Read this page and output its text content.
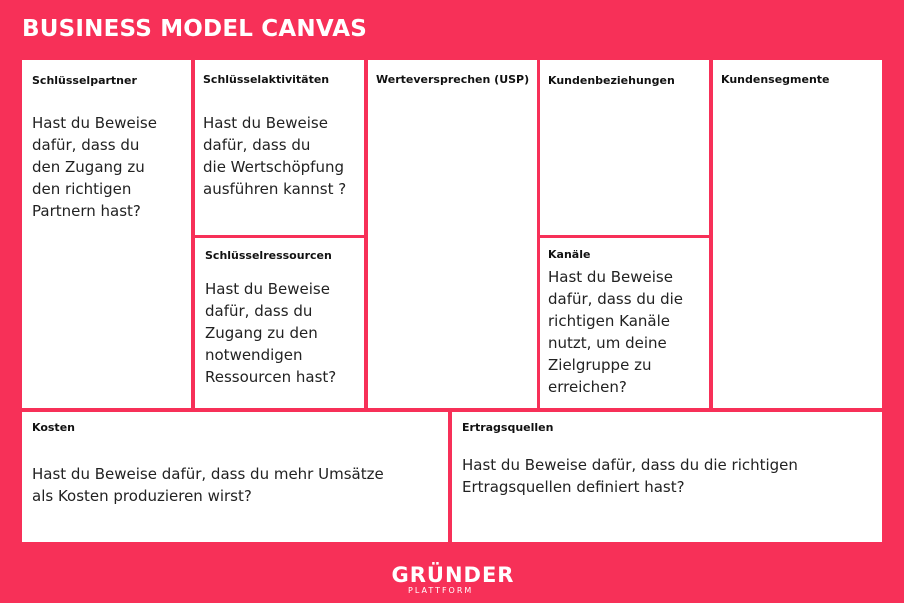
BUSINESS MODEL CANVAS
Schlüsselpartner
Hast du Beweise
dafür, dass du
den Zugang zu
den richtigen
Partnern hast?
Schlüsselaktivitäten
Hast du Beweise
dafür, dass du
die Wertschöpfung
ausführen kannst ?
Schlüsselressourcen
Hast du Beweise
dafür, dass du
Zugang zu den
notwendigen
Ressourcen hast?
Werteversprechen (USP) Kundenbeziehungen
Kanäle
Hast du Beweise
dafür, dass du die
richtigen Kanäle
nutzt, um deine
Zielgruppe zu
erreichen?
Kundensegmente
Kosten
Hast du Beweise dafür, dass du mehr Umsätze
als Kosten produzieren wirst?
Ertragsquellen
Hast du Beweise dafür, dass du die richtigen
Ertragsquellen definiert hast?
GRÜNDER
PLATTFORM
